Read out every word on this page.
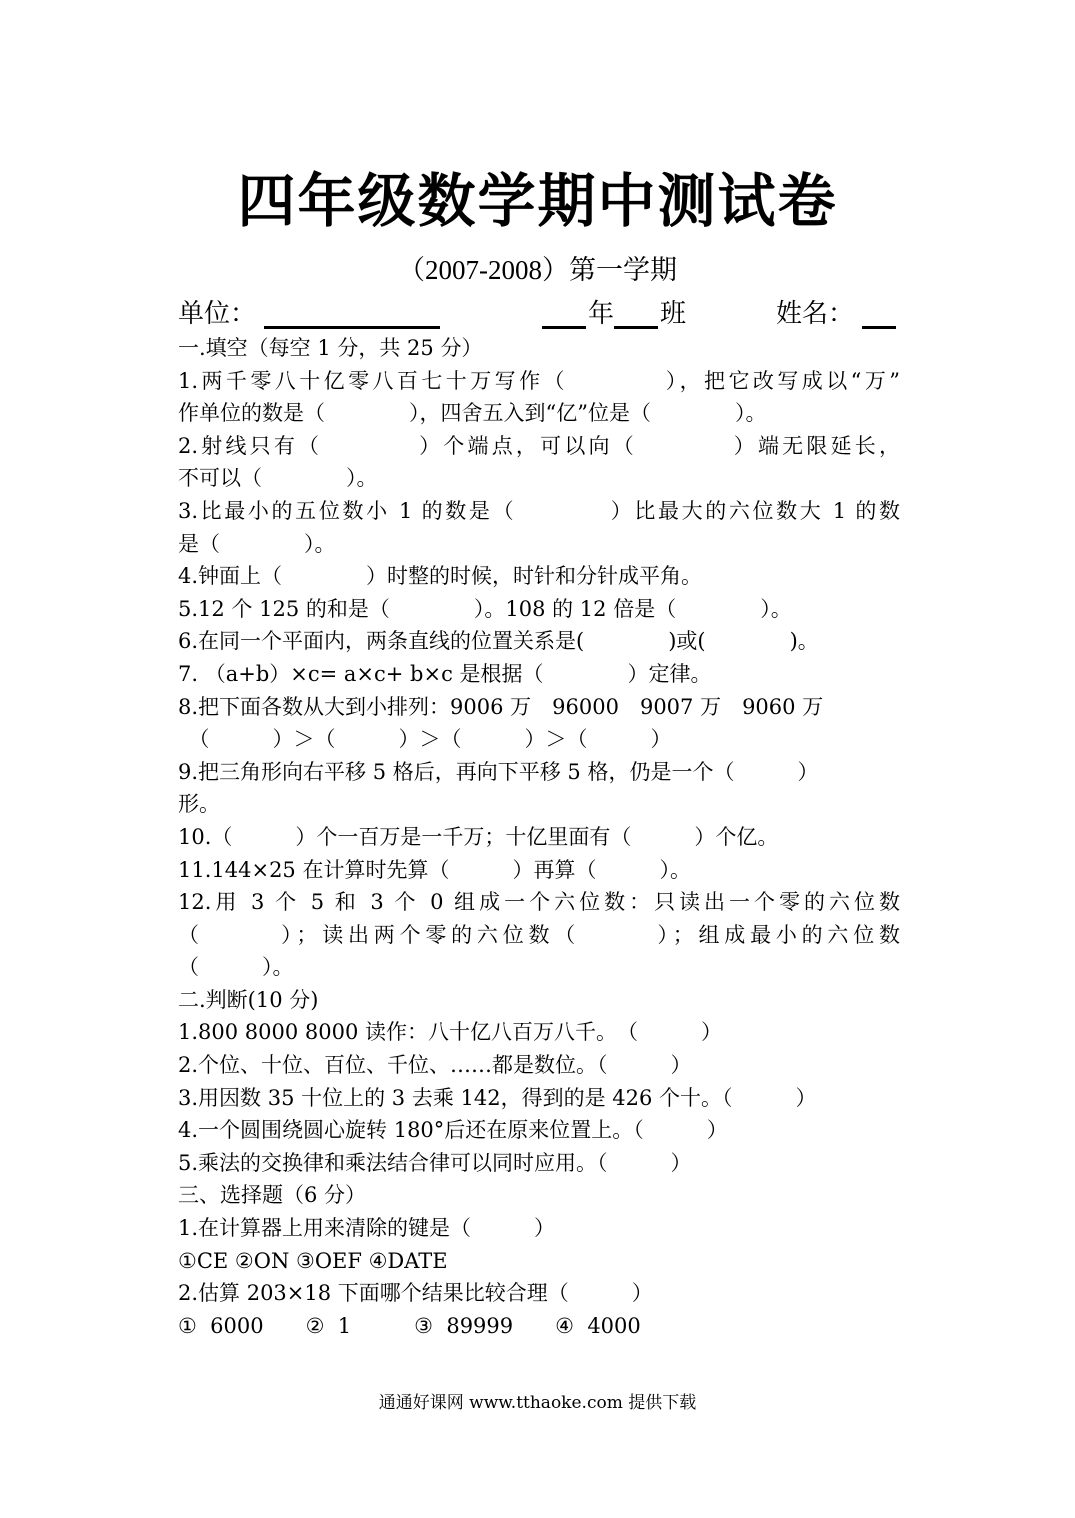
四年级数学期中测试卷
（2007-2008）第一学期
单位：	年 班	姓名：
一.填空（每空 1 分，共 25 分）
1.两千零八十亿零八百七十万写作（　　　　），把它改写成以“万”
作单位的数是（　　　　），四舍五入到“亿”位是（　　　　）。
2.射线只有（　　　　）个端点，可以向（　　　　）端无限延长，
不可以（　　　　）。
3.比最小的五位数小 1 的数是（　　　　）比最大的六位数大 1 的数
是（　　　　）。
4.钟面上（　　　　）时整的时候，时针和分针成平角。
5.12 个 125 的和是（　　　　）。108 的 12 倍是（　　　　）。
6.在同一个平面内，两条直线的位置关系是(　　　　)或(　　　　)。
7. （a+b）×c= a×c+ b×c 是根据（　　　　）定律。
8.把下面各数从大到小排列：9006 万　96000　9007 万　9060 万
　（　　　）＞（　　　）＞（　　　）＞（　　　）
9.把三角形向右平移 5 格后，再向下平移 5 格，仍是一个（　　　）
形。
10.（　　　）个一百万是一千万；十亿里面有（　　　）个亿。
11.144×25 在计算时先算（　　　）再算（　　　）。
12.用 3 个 5 和 3 个 0 组成一个六位数：只读出一个零的六位数
（　　　）；读出两个零的六位数（　　　）；组成最小的六位数
（　　　）。
二.判断(10 分)
1.800 8000 8000 读作：八十亿八百万八千。　（　　　）
2.个位、十位、百位、千位、……都是数位。（　　　）
3.用因数 35 十位上的 3 去乘 142，得到的是 426 个十。（　　　）
4.一个圆围绕圆心旋转 180°后还在原来位置上。（　　　）
5.乘法的交换律和乘法结合律可以同时应用。（　　　）
三、选择题（6 分）
1.在计算器上用来清除的键是（　　　）
①CE ②ON ③OEF ④DATE
2.估算 203×18 下面哪个结果比较合理（　　　）
①  6000　　②  1　　　③  89999　　④  4000
通通好课网 www.tthaoke.com 提供下载
